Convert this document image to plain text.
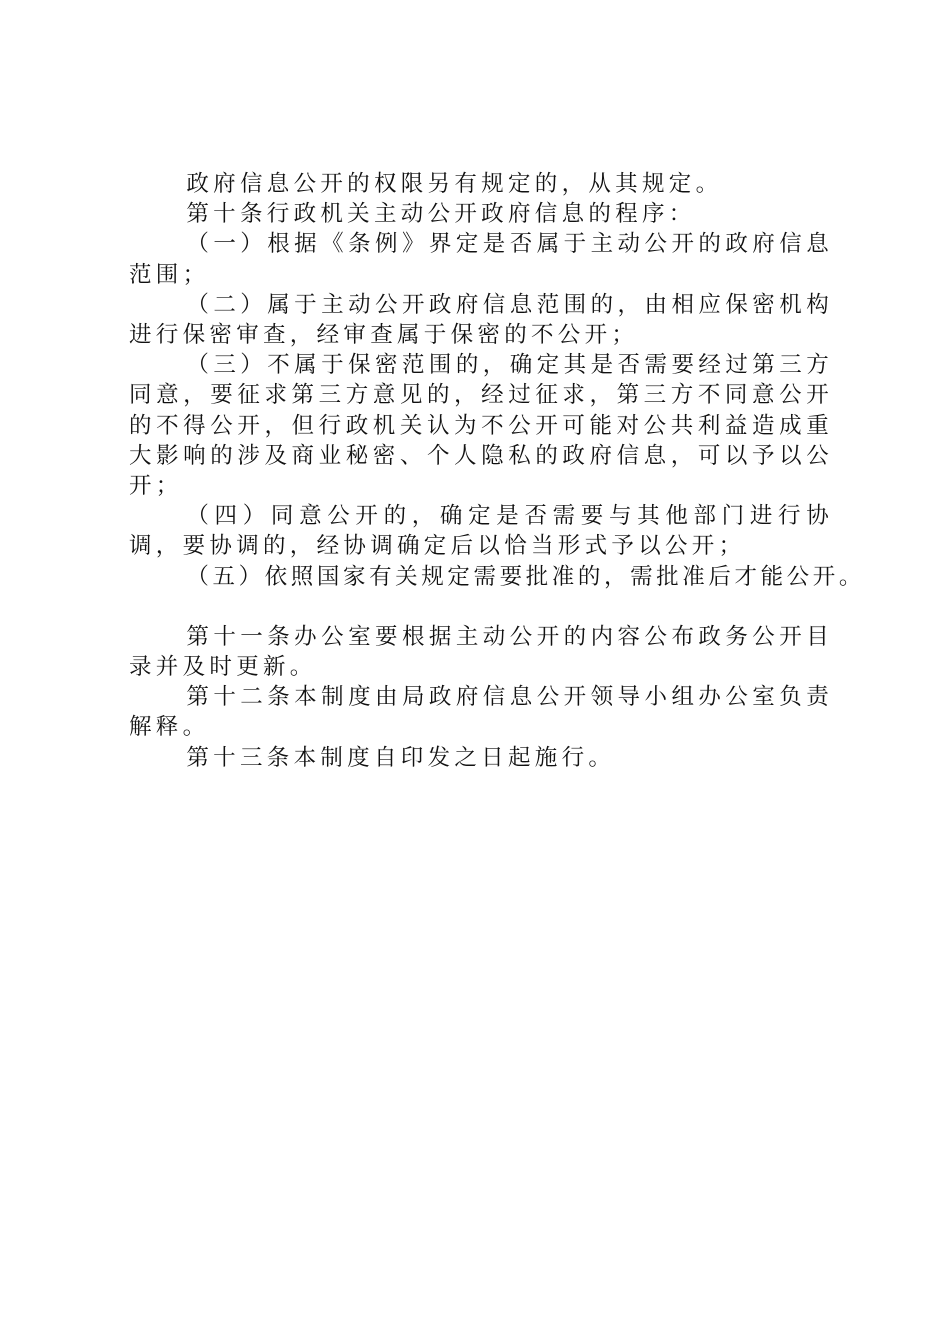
政府信息公开的权限另有规定的，从其规定。

第十条行政机关主动公开政府信息的程序：

（一）根据《条例》界定是否属于主动公开的政府信息范围；

（二）属于主动公开政府信息范围的，由相应保密机构进行保密审查，经审查属于保密的不公开；

（三）不属于保密范围的，确定其是否需要经过第三方同意，要征求第三方意见的，经过征求，第三方不同意公开的不得公开，但行政机关认为不公开可能对公共利益造成重大影响的涉及商业秘密、个人隐私的政府信息，可以予以公开；

（四）同意公开的，确定是否需要与其他部门进行协调，要协调的，经协调确定后以恰当形式予以公开；

（五）依照国家有关规定需要批准的，需批准后才能公开。

第十一条办公室要根据主动公开的内容公布政务公开目录并及时更新。

第十二条本制度由局政府信息公开领导小组办公室负责解释。

第十三条本制度自印发之日起施行。
